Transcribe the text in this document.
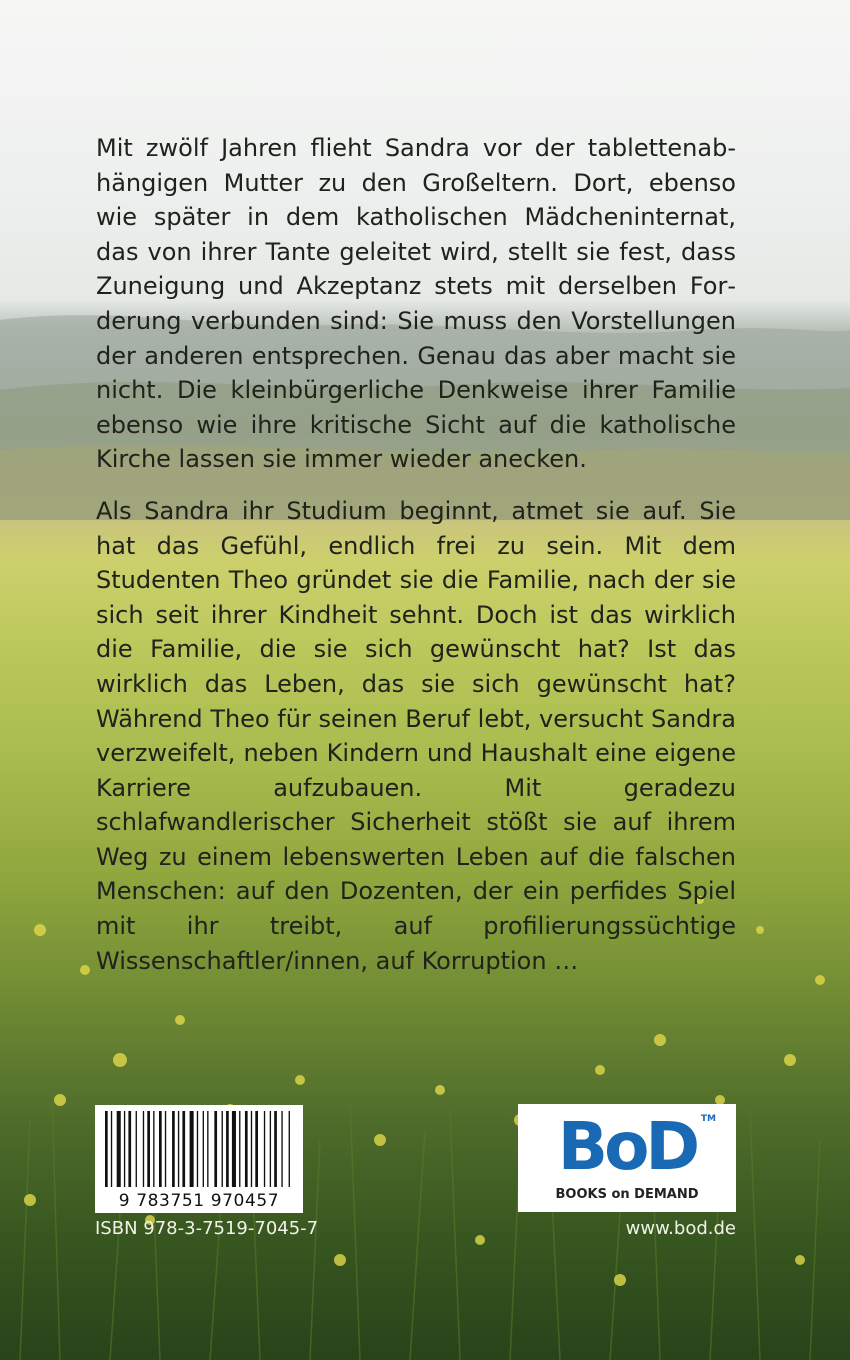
Mit zwölf Jahren flieht Sandra vor der tablettenabhängigen Mutter zu den Großeltern. Dort, ebenso wie später in dem katholischen Mädcheninternat, das von ihrer Tante geleitet wird, stellt sie fest, dass Zuneigung und Akzeptanz stets mit derselben Forderung verbunden sind: Sie muss den Vorstellungen der anderen entsprechen. Genau das aber macht sie nicht. Die kleinbürgerliche Denkweise ihrer Familie ebenso wie ihre kritische Sicht auf die katholische Kirche lassen sie immer wieder anecken.

Als Sandra ihr Studium beginnt, atmet sie auf. Sie hat das Gefühl, endlich frei zu sein. Mit dem Studenten Theo gründet sie die Familie, nach der sie sich seit ihrer Kindheit sehnt. Doch ist das wirklich die Familie, die sie sich gewünscht hat? Ist das wirklich das Leben, das sie sich gewünscht hat? Während Theo für seinen Beruf lebt, versucht Sandra verzweifelt, neben Kindern und Haushalt eine eigene Karriere aufzubauen. Mit geradezu schlafwandlerischer Sicherheit stößt sie auf ihrem Weg zu einem lebenswerten Leben auf die falschen Menschen: auf den Dozenten, der ein perfides Spiel mit ihr treibt, auf profilierungssüchtige Wissenschaftler/innen, auf Korruption …

9 783751 970457
ISBN 978-3-7519-7045-7
BoD TM
BOOKS on DEMAND
www.bod.de
